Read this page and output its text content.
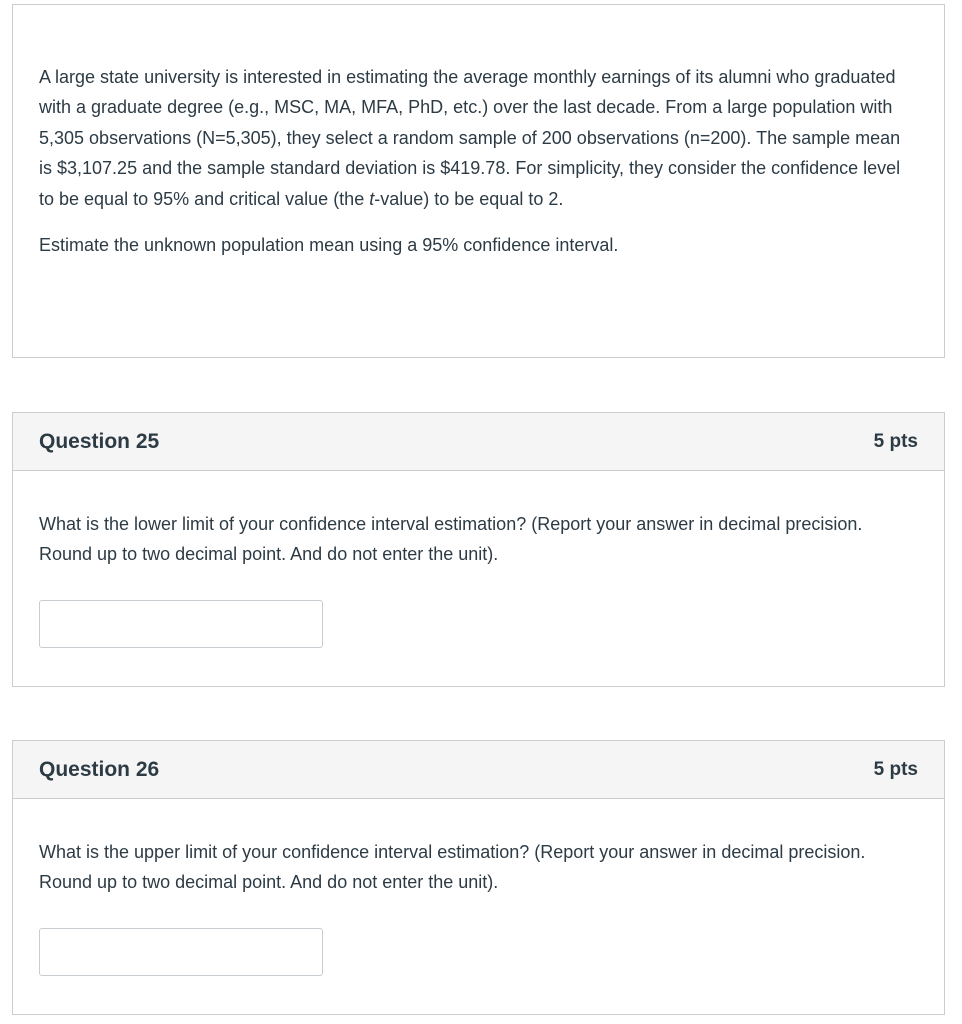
A large state university is interested in estimating the average monthly earnings of its alumni who graduated with a graduate degree (e.g., MSC, MA, MFA, PhD, etc.) over the last decade. From a large population with 5,305 observations (N=5,305), they select a random sample of 200 observations (n=200). The sample mean is $3,107.25 and the sample standard deviation is $419.78. For simplicity, they consider the confidence level to be equal to 95% and critical value (the t-value) to be equal to 2.

Estimate the unknown population mean using a 95% confidence interval.

Question 25	5 pts

What is the lower limit of your confidence interval estimation? (Report your answer in decimal precision. Round up to two decimal point. And do not enter the unit).

Question 26	5 pts

What is the upper limit of your confidence interval estimation? (Report your answer in decimal precision. Round up to two decimal point. And do not enter the unit).
